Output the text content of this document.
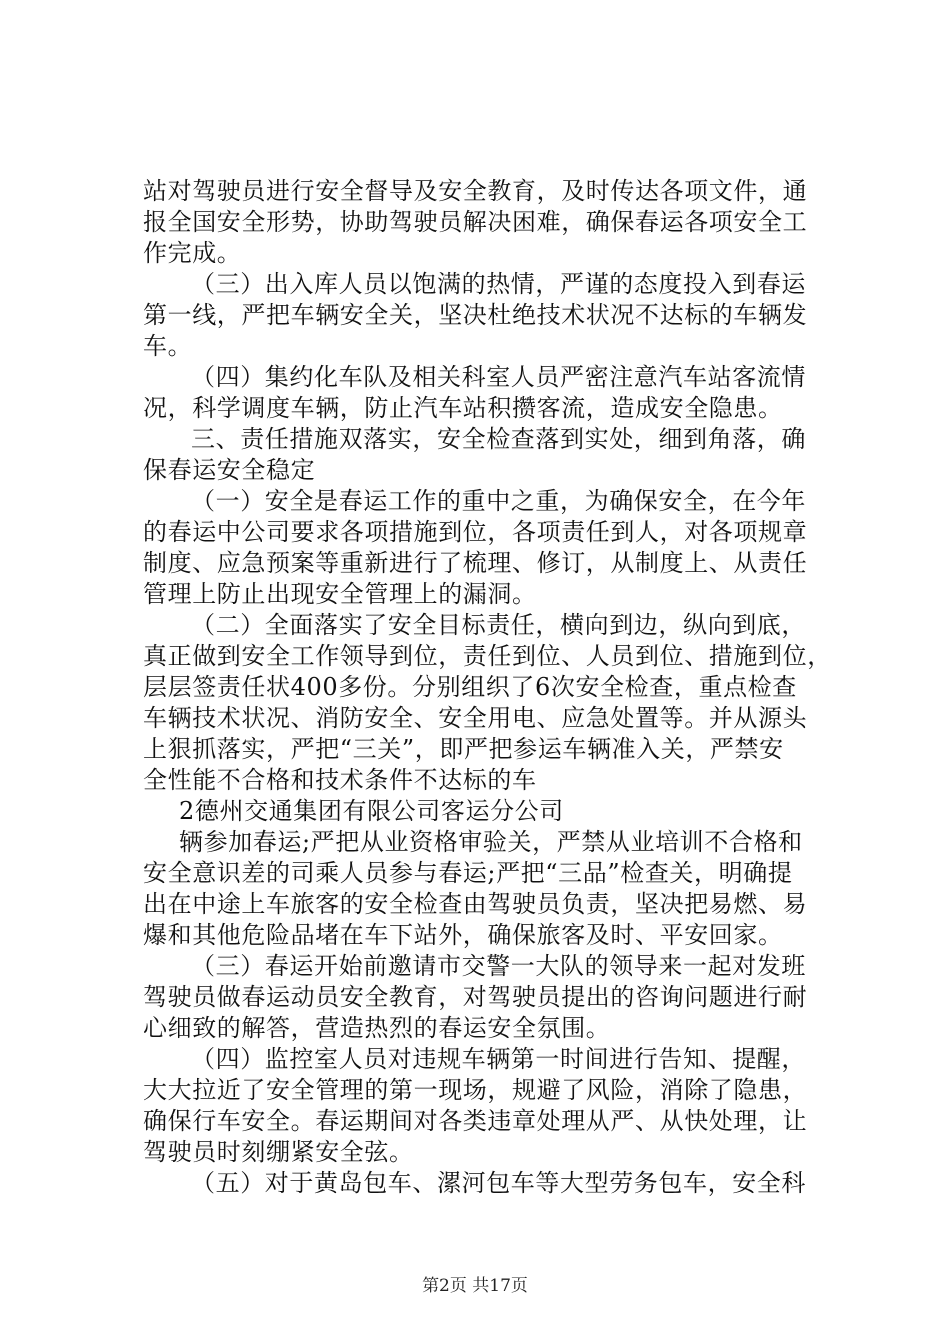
站对驾驶员进行安全督导及安全教育，及时传达各项文件，通
报全国安全形势，协助驾驶员解决困难，确保春运各项安全工
作完成。
（三）出入库人员以饱满的热情，严谨的态度投入到春运
第一线，严把车辆安全关，坚决杜绝技术状况不达标的车辆发
车。
（四）集约化车队及相关科室人员严密注意汽车站客流情
况，科学调度车辆，防止汽车站积攒客流，造成安全隐患。
三、责任措施双落实，安全检查落到实处，细到角落，确
保春运安全稳定
（一）安全是春运工作的重中之重，为确保安全，在今年
的春运中公司要求各项措施到位，各项责任到人，对各项规章
制度、应急预案等重新进行了梳理、修订，从制度上、从责任
管理上防止出现安全管理上的漏洞。
（二）全面落实了安全目标责任，横向到边，纵向到底，
真正做到安全工作领导到位，责任到位、人员到位、措施到位，
层层签责任状400多份。分别组织了6次安全检查，重点检查
车辆技术状况、消防安全、安全用电、应急处置等。并从源头
上狠抓落实，严把“三关”，即严把参运车辆准入关，严禁安
全性能不合格和技术条件不达标的车
2德州交通集团有限公司客运分公司
辆参加春运;严把从业资格审验关，严禁从业培训不合格和
安全意识差的司乘人员参与春运;严把“三品”检查关，明确提
出在中途上车旅客的安全检查由驾驶员负责，坚决把易燃、易
爆和其他危险品堵在车下站外，确保旅客及时、平安回家。
（三）春运开始前邀请市交警一大队的领导来一起对发班
驾驶员做春运动员安全教育，对驾驶员提出的咨询问题进行耐
心细致的解答，营造热烈的春运安全氛围。
（四）监控室人员对违规车辆第一时间进行告知、提醒，
大大拉近了安全管理的第一现场，规避了风险，消除了隐患，
确保行车安全。春运期间对各类违章处理从严、从快处理，让
驾驶员时刻绷紧安全弦。
（五）对于黄岛包车、漯河包车等大型劳务包车，安全科
第2页 共17页
